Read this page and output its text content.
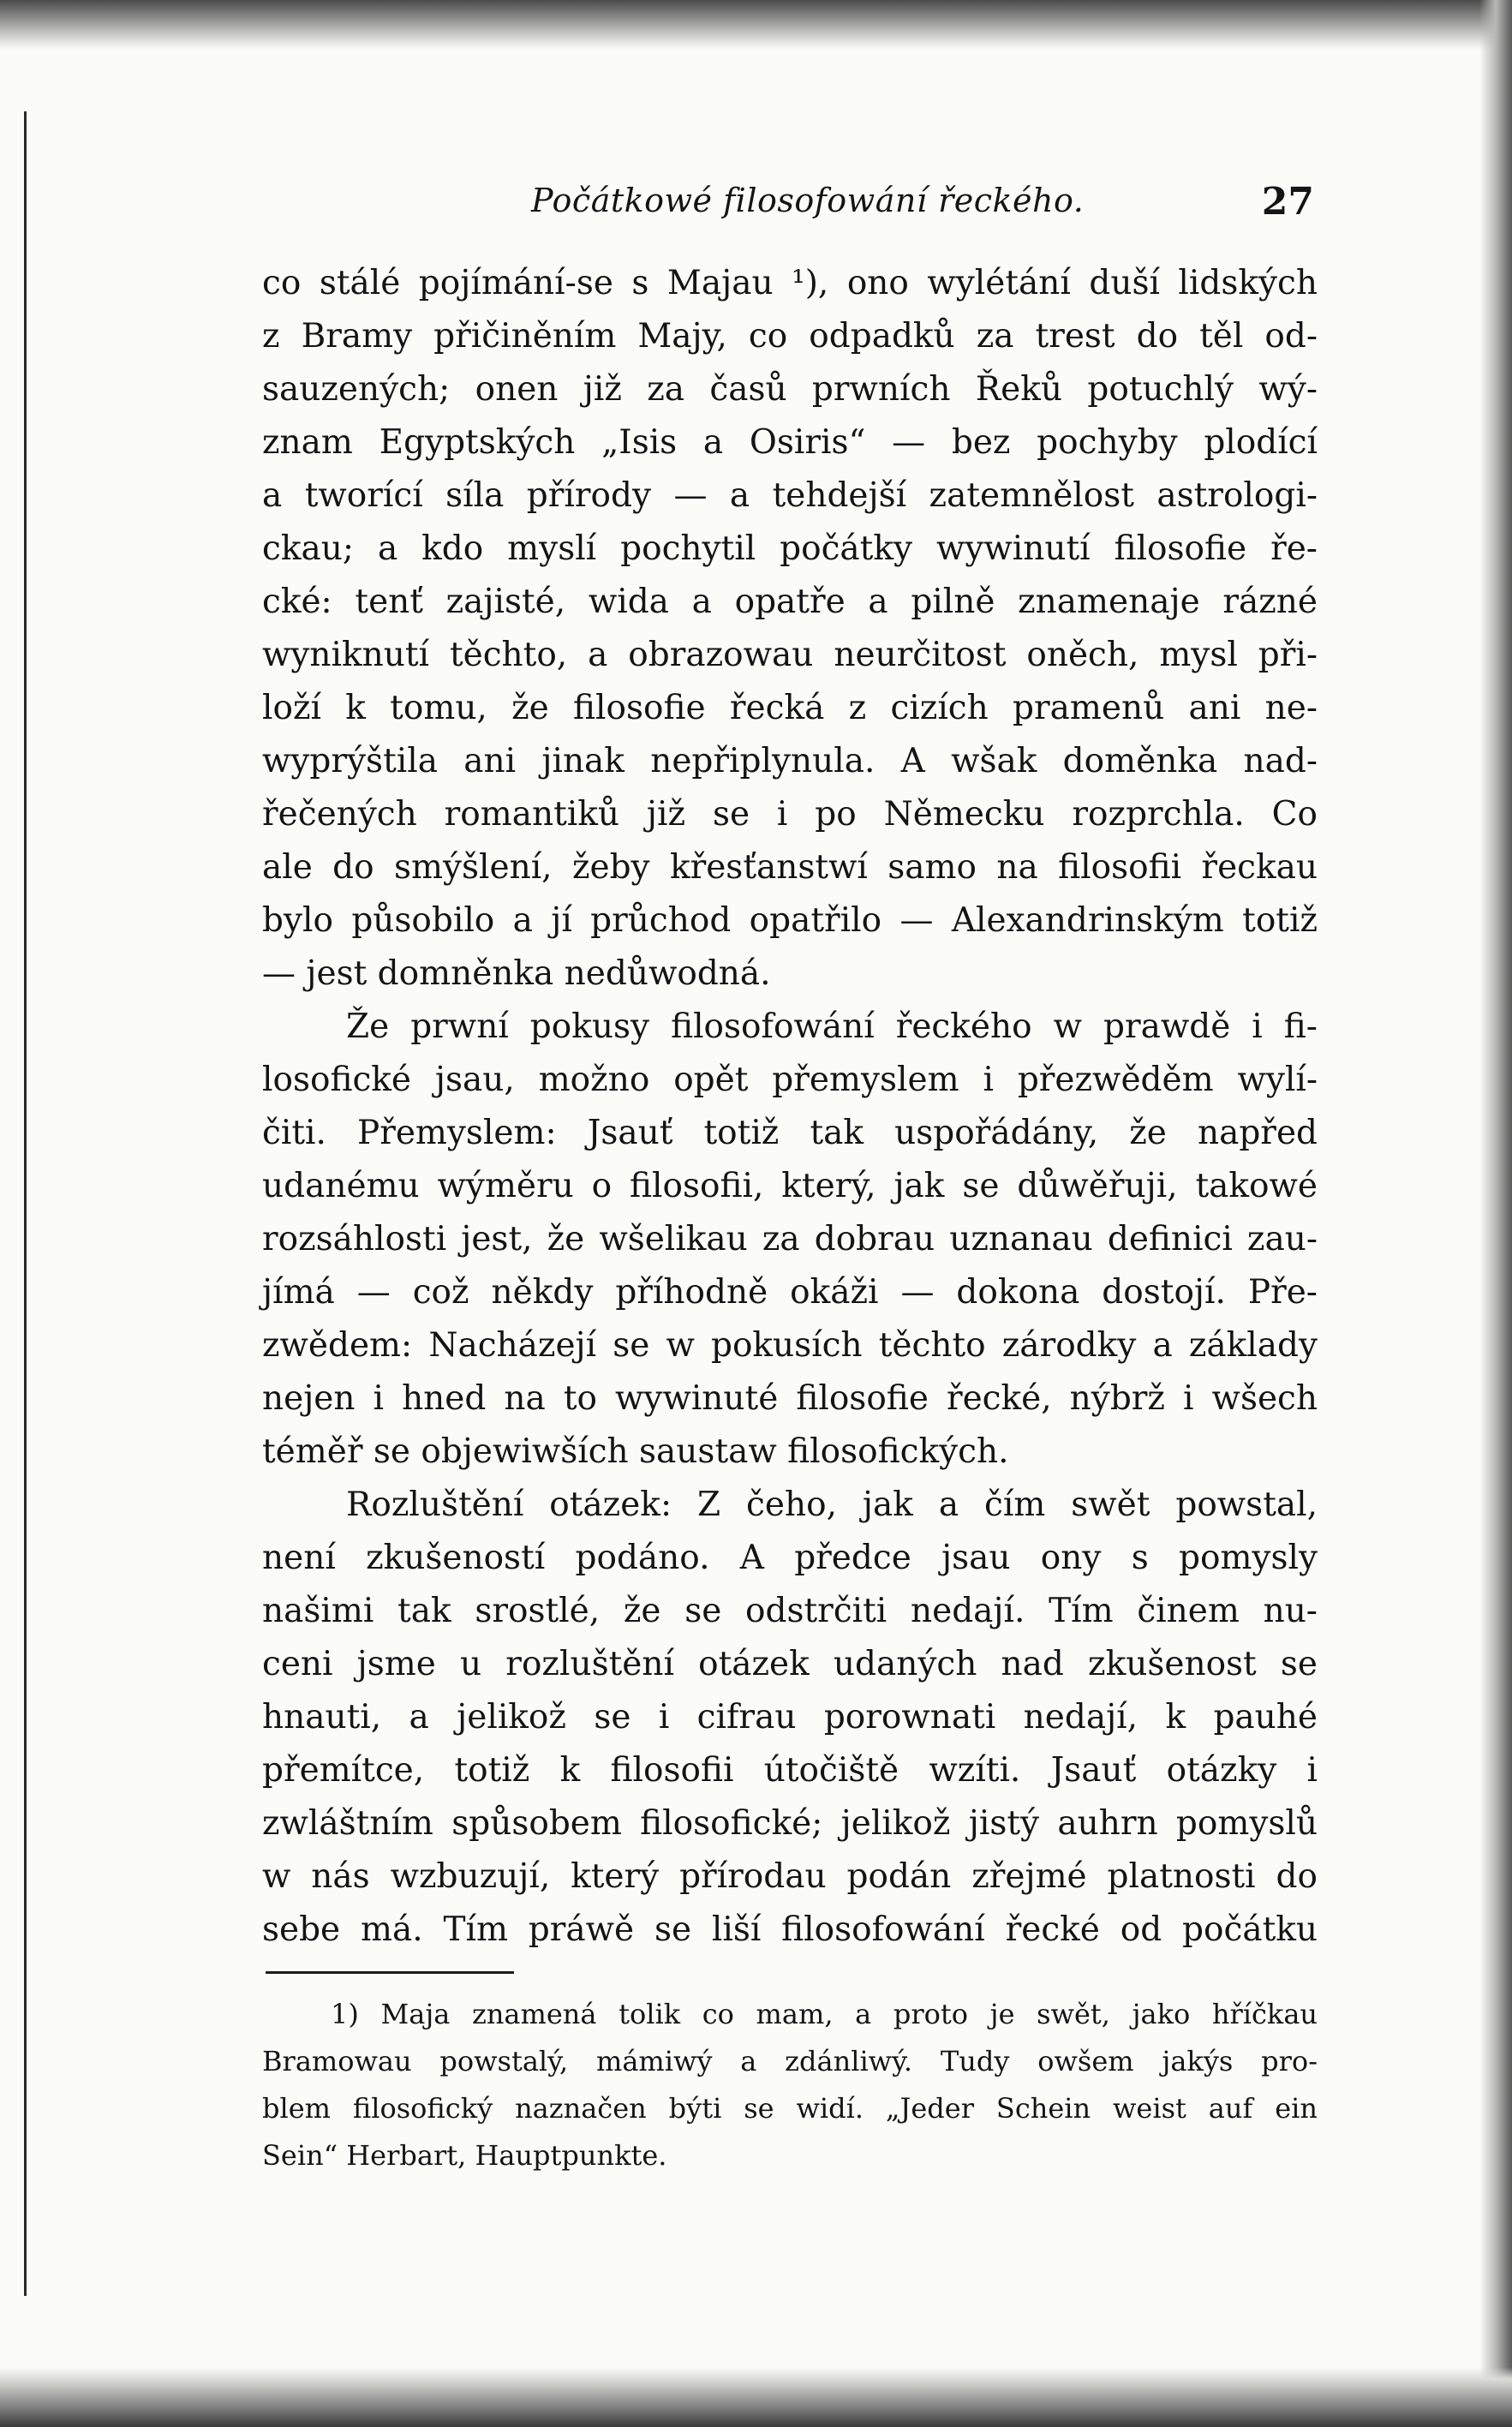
Počátkowé filosofowání řeckého.	27
co stálé pojímání-se s Majau ¹), ono wylétání duší lidských
z Bramy přičiněním Majy, co odpadků za trest do těl od-
sauzených; onen již za časů prwních Řeků potuchlý wý-
znam Egyptských „Isis a Osiris“ — bez pochyby plodící
a tworící síla přírody — a tehdejší zatemnělost astrologi-
ckau; a kdo myslí pochytil počátky wywinutí filosofie ře-
cké: tenť zajisté, wida a opatře a pilně znamenaje rázné
wyniknutí těchto, a obrazowau neurčitost oněch, mysl při-
loží k tomu, že filosofie řecká z cizích pramenů ani ne-
wyprýštila ani jinak nepřiplynula. A wšak doměnka nad-
řečených romantiků již se i po Německu rozprchla. Co
ale do smýšlení, žeby křesťanstwí samo na filosofii řeckau
bylo působilo a jí průchod opatřilo — Alexandrinským totiž
— jest domněnka nedůwodná.
Že prwní pokusy filosofowání řeckého w prawdě i fi-
losofické jsau, možno opět přemyslem i přezwěděm wylí-
čiti. Přemyslem: Jsauť totiž tak uspořádány, že napřed
udanému wýměru o filosofii, který, jak se důwěřuji, takowé
rozsáhlosti jest, že wšelikau za dobrau uznanau definici zau-
jímá — což někdy příhodně okáži — dokona dostojí. Pře-
zwědem: Nacházejí se w pokusích těchto zárodky a základy
nejen i hned na to wywinuté filosofie řecké, nýbrž i wšech
téměř se objewiwších saustaw filosofických.
Rozluštění otázek: Z čeho, jak a čím swět powstal,
není zkušeností podáno. A předce jsau ony s pomysly
našimi tak srostlé, že se odstrčiti nedají. Tím činem nu-
ceni jsme u rozluštění otázek udaných nad zkušenost se
hnauti, a jelikož se i cifrau porownati nedají, k pauhé
přemítce, totiž k filosofii útočiště wzíti. Jsauť otázky i
zwláštním spůsobem filosofické; jelikož jistý auhrn pomyslů
w nás wzbuzují, který přírodau podán zřejmé platnosti do
sebe má. Tím práwě se liší filosofowání řecké od počátku
1) Maja znamená tolik co mam, a proto je swět, jako hříčkau
Bramowau powstalý, mámiwý a zdánliwý. Tudy owšem jakýs pro-
blem filosofický naznačen býti se widí. „Jeder Schein weist auf ein
Sein“ Herbart, Hauptpunkte.
